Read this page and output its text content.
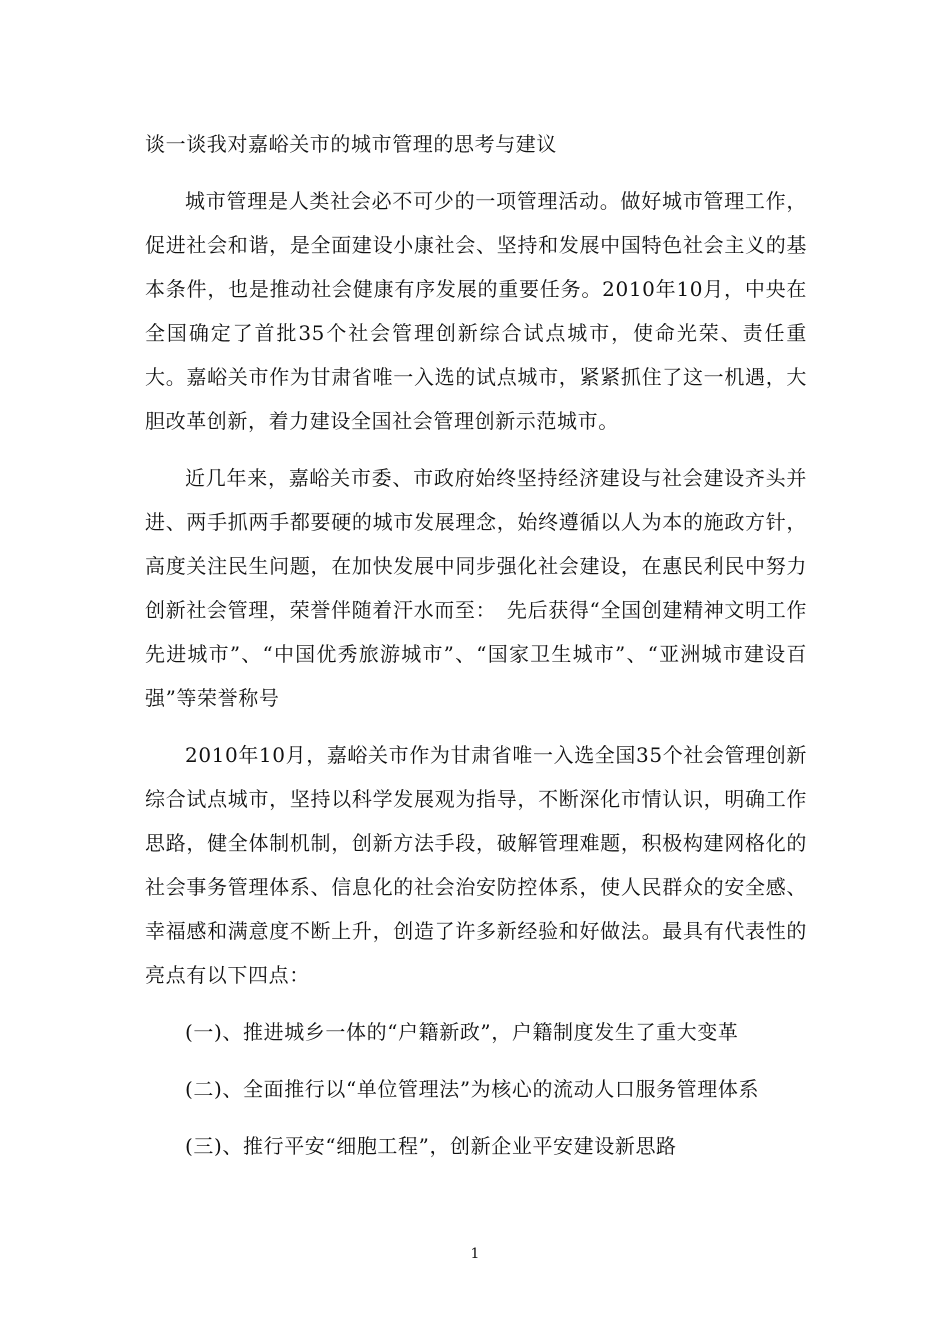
谈一谈我对嘉峪关市的城市管理的思考与建议

城市管理是人类社会必不可少的一项管理活动。做好城市管理工作，促进社会和谐，是全面建设小康社会、坚持和发展中国特色社会主义的基本条件，也是推动社会健康有序发展的重要任务。2010年10月，中央在全国确定了首批35个社会管理创新综合试点城市，使命光荣、责任重大。嘉峪关市作为甘肃省唯一入选的试点城市，紧紧抓住了这一机遇，大胆改革创新，着力建设全国社会管理创新示范城市。

近几年来，嘉峪关市委、市政府始终坚持经济建设与社会建设齐头并进、两手抓两手都要硬的城市发展理念，始终遵循以人为本的施政方针，高度关注民生问题，在加快发展中同步强化社会建设，在惠民利民中努力创新社会管理，荣誉伴随着汗水而至：　先后获得“全国创建精神文明工作先进城市”、“中国优秀旅游城市”、“国家卫生城市”、“亚洲城市建设百强”等荣誉称号

2010年10月，嘉峪关市作为甘肃省唯一入选全国35个社会管理创新综合试点城市，坚持以科学发展观为指导，不断深化市情认识，明确工作思路，健全体制机制，创新方法手段，破解管理难题，积极构建网格化的社会事务管理体系、信息化的社会治安防控体系，使人民群众的安全感、幸福感和满意度不断上升，创造了许多新经验和好做法。最具有代表性的亮点有以下四点：

(一)、推进城乡一体的“户籍新政”，户籍制度发生了重大变革

(二)、全面推行以“单位管理法”为核心的流动人口服务管理体系

(三)、推行平安“细胞工程”，创新企业平安建设新思路

1
